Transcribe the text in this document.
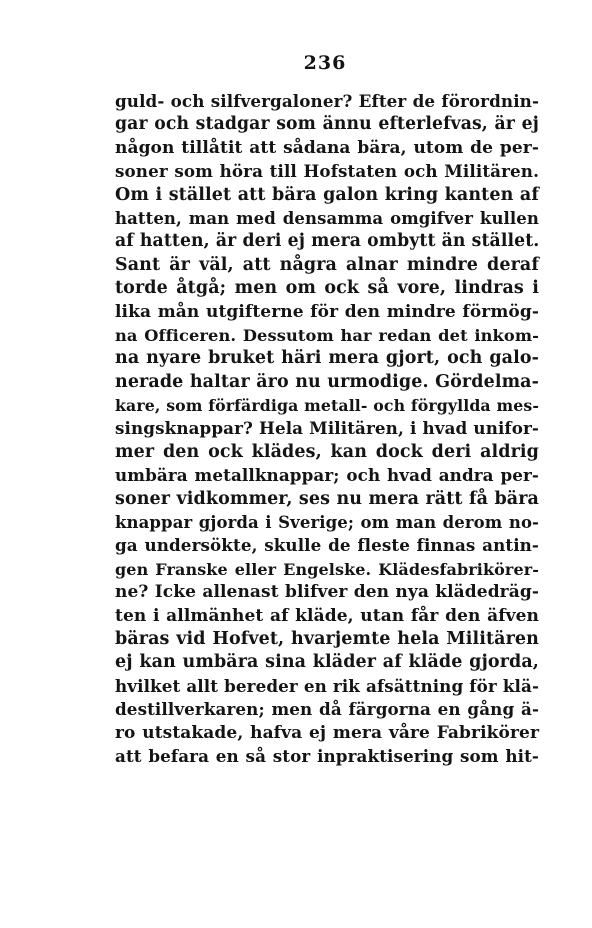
236
guld- och silfvergaloner? Efter de förordnin-
gar och stadgar som ännu efterlefvas, är ej
någon tillåtit att sådana bära, utom de per-
soner som höra till Hofstaten och Militären.
Om i stället att bära galon kring kanten af
hatten, man med densamma omgifver kullen
af hatten, är deri ej mera ombytt än stället.
Sant är väl, att några alnar mindre deraf
torde åtgå; men om ock så vore, lindras i
lika mån utgifterne för den mindre förmög-
na Officeren. Dessutom har redan det inkom-
na nyare bruket häri mera gjort, och galo-
nerade haltar äro nu urmodige. Gördelma-
kare, som förfärdiga metall- och förgyllda mes-
singsknappar? Hela Militären, i hvad unifor-
mer den ock klädes, kan dock deri aldrig
umbära metallknappar; och hvad andra per-
soner vidkommer, ses nu mera rätt få bära
knappar gjorda i Sverige; om man derom no-
ga undersökte, skulle de fleste finnas antin-
gen Franske eller Engelske. Klädesfabrikörer-
ne? Icke allenast blifver den nya klädedräg-
ten i allmänhet af kläde, utan får den äfven
bäras vid Hofvet, hvarjemte hela Militären
ej kan umbära sina kläder af kläde gjorda,
hvilket allt bereder en rik afsättning för klä-
destillverkaren; men då färgorna en gång ä-
ro utstakade, hafva ej mera våre Fabrikörer
att befara en så stor inpraktisering som hit-
